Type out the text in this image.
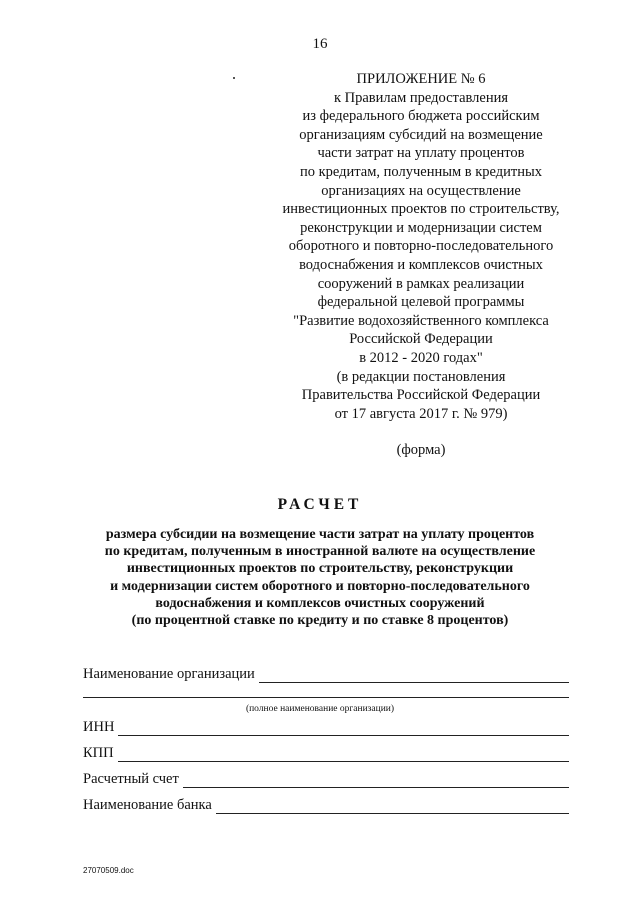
16
ПРИЛОЖЕНИЕ № 6
к Правилам предоставления
из федерального бюджета российским
организациям субсидий на возмещение
части затрат на уплату процентов
по кредитам, полученным в кредитных
организациях на осуществление
инвестиционных проектов по строительству,
реконструкции и модернизации систем
оборотного и повторно-последовательного
водоснабжения и комплексов очистных
сооружений в рамках реализации
федеральной целевой программы
"Развитие водохозяйственного комплекса
Российской Федерации
в 2012 - 2020 годах"
(в редакции постановления
Правительства Российской Федерации
от 17 августа 2017 г. № 979)
(форма)
РАСЧЕТ
размера субсидии на возмещение части затрат на уплату процентов
по кредитам, полученным в иностранной валюте на осуществление
инвестиционных проектов по строительству, реконструкции
и модернизации систем оборотного и повторно-последовательного
водоснабжения и комплексов очистных сооружений
(по процентной ставке по кредиту и по ставке 8 процентов)
Наименование организации
(полное наименование организации)
ИНН
КПП
Расчетный счет
Наименование банка
27070509.doc
